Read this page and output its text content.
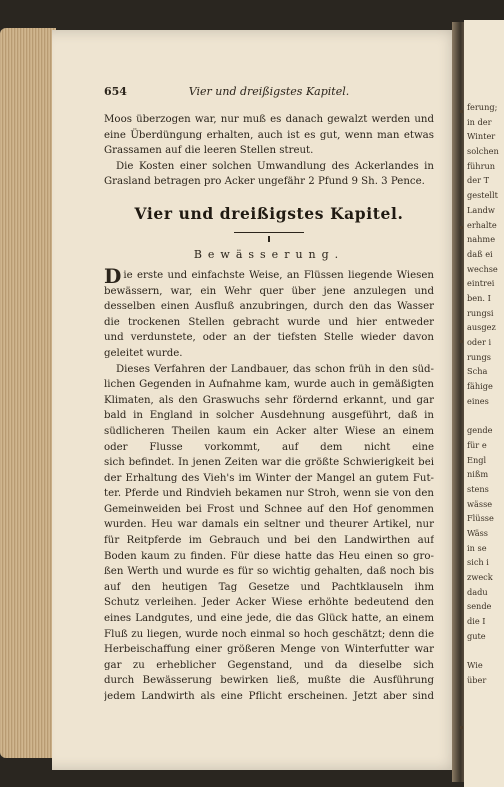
654	Vier und dreißigstes Kapitel.
Moos überzogen war, nur muß es danach gewalzt werden und
eine Überdüngung erhalten, auch ist es gut, wenn man etwas
Grassamen auf die leeren Stellen streut.
Die Kosten einer solchen Umwandlung des Ackerlandes in
Grasland betragen pro Acker ungefähr 2 Pfund 9 Sh. 3 Pence.
Vier und dreißigstes Kapitel.
Bewässerung.
D ie erste und einfachste Weise, an Flüssen liegende Wiesen
bewässern, war, ein Wehr quer über jene anzulegen und
desselben einen Ausfluß anzubringen, durch den das Wasser
die trockenen Stellen gebracht wurde und hier entweder
und verdunstete, oder an der tiefsten Stelle wieder davon
geleitet wurde.
Dieses Verfahren der Landbauer, das schon früh in den süd-
lichen Gegenden in Aufnahme kam, wurde auch in gemäßigten
Klimaten, als den Graswuchs sehr fördernd erkannt, und gar
bald in England in solcher Ausdehnung ausgeführt, daß in
südlicheren Theilen kaum ein Acker alter Wiese an einem
oder Flusse vorkommt, auf dem nicht eine
sich befindet. In jenen Zeiten war die größte Schwierigkeit bei
der Erhaltung des Vieh's im Winter der Mangel an gutem Fut-
ter. Pferde und Rindvieh bekamen nur Stroh, wenn sie von den
Gemeinweiden bei Frost und Schnee auf den Hof genommen
wurden. Heu war damals ein seltner und theurer Artikel, nur
für Reitpferde im Gebrauch und bei den Landwirthen auf
Boden kaum zu finden. Für diese hatte das Heu einen so gro-
ßen Werth und wurde es für so wichtig gehalten, daß noch bis
auf den heutigen Tag Gesetze und Pachtklauseln ihm
Schutz verleihen. Jeder Acker Wiese erhöhte bedeutend den
eines Landgutes, und eine jede, die das Glück hatte, an einem
Fluß zu liegen, wurde noch einmal so hoch geschätzt; denn die
Herbeischaffung einer größeren Menge von Winterfutter war
gar zu erheblicher Gegenstand, und da dieselbe sich
durch Bewässerung bewirken ließ, mußte die Ausführung
jedem Landwirth als eine Pflicht erscheinen. Jetzt aber sind
ferung;
in der
Winter
solchen
führun
der T
gestellt
Landw
erhalte
nahme
daß ei
wechse
eintrei
ben. I
rungsi
ausgez
oder i
rungs
Scha
fähige
eines
gende
für e
Engl
nißm
stens
wässe
Flüsse
Wäss
in se
sich i
zweck
dadu
sende
die I
gute
Wie
über
